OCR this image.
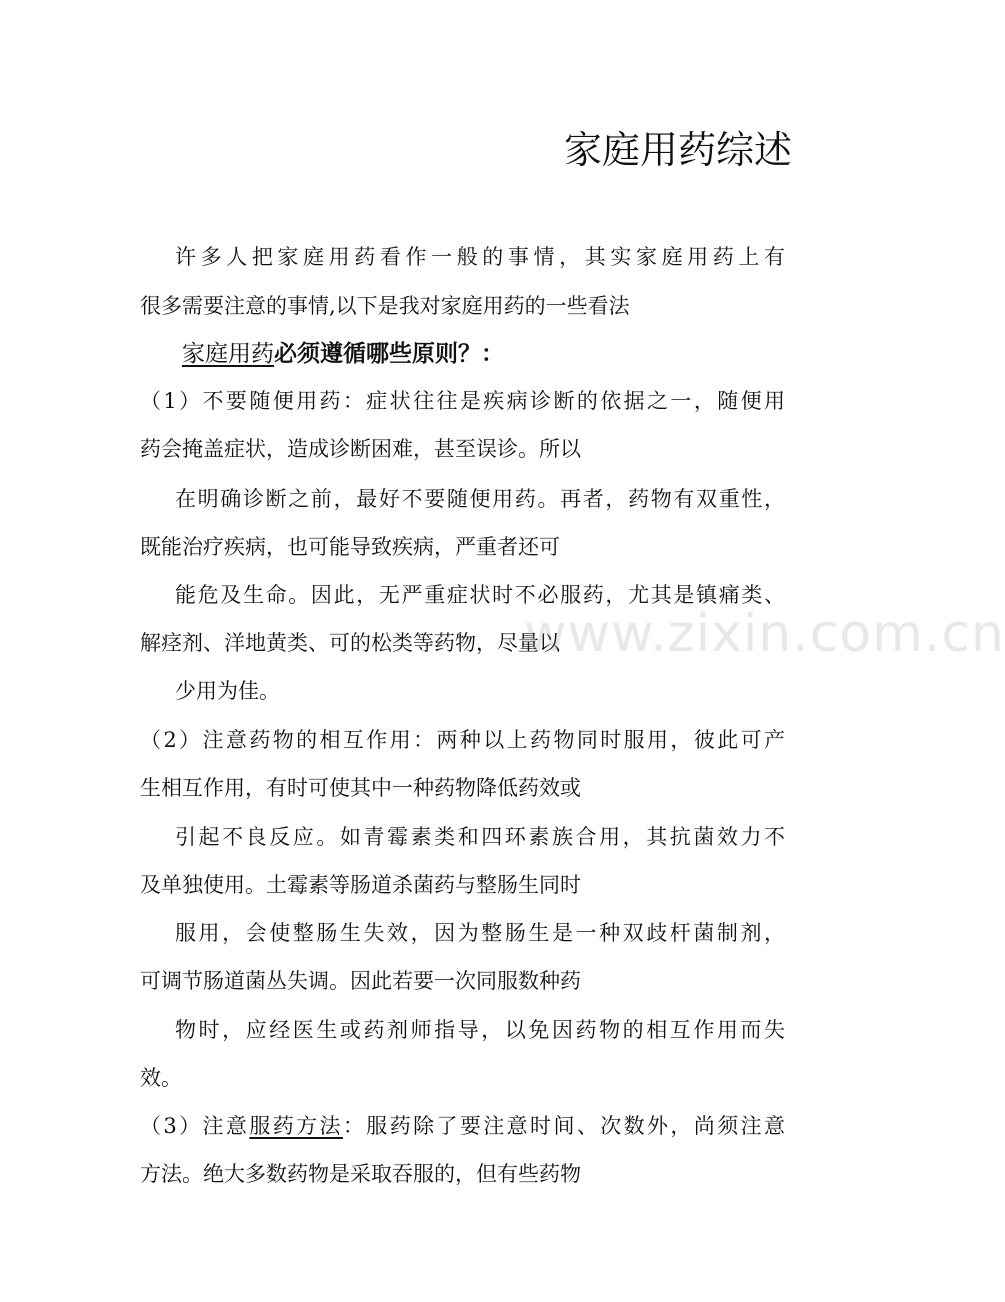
家庭用药综述
许多人把家庭用药看作一般的事情，其实家庭用药上有
很多需要注意的事情,以下是我对家庭用药的一些看法
家庭用药必须遵循哪些原则？：
（1）不要随便用药：症状往往是疾病诊断的依据之一，随便用
药会掩盖症状，造成诊断困难，甚至误诊。所以
在明确诊断之前，最好不要随便用药。再者，药物有双重性，
既能治疗疾病，也可能导致疾病，严重者还可
能危及生命。因此，无严重症状时不必服药，尤其是镇痛类、
解痉剂、洋地黄类、可的松类等药物，尽量以
少用为佳。
（2）注意药物的相互作用：两种以上药物同时服用，彼此可产
生相互作用，有时可使其中一种药物降低药效或
引起不良反应。如青霉素类和四环素族合用，其抗菌效力不
及单独使用。土霉素等肠道杀菌药与整肠生同时
服用，会使整肠生失效，因为整肠生是一种双歧杆菌制剂，
可调节肠道菌丛失调。因此若要一次同服数种药
物时，应经医生或药剂师指导，以免因药物的相互作用而失
效。
（3）注意服药方法：服药除了要注意时间、次数外，尚须注意
方法。绝大多数药物是采取吞服的，但有些药物
www.zixin.com.cn
